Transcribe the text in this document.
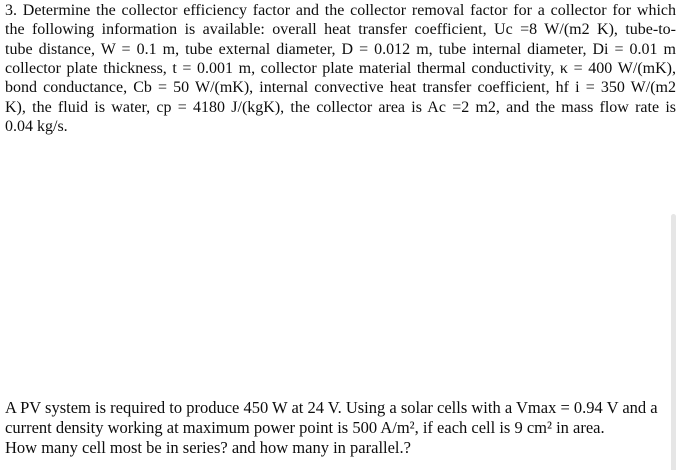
3. Determine the collector efficiency factor and the collector removal factor for a collector for which
the following information is available: overall heat transfer coefficient, Uc =8 W/(m2 K), tube-to-
tube distance, W = 0.1 m, tube external diameter, D = 0.012 m, tube internal diameter, Di = 0.01 m
collector plate thickness, t = 0.001 m, collector plate material thermal conductivity, κ = 400 W/(mK),
bond conductance, Cb = 50 W/(mK), internal convective heat transfer coefficient, hf i = 350 W/(m2
K), the fluid is water, cp = 4180 J/(kgK), the collector area is Ac =2 m2, and the mass flow rate is
0.04 kg/s.
A PV system is required to produce 450 W at 24 V. Using a solar cells with a Vmax = 0.94 V and a
current density working at maximum power point is 500 A/m², if each cell is 9 cm² in area.
How many cell most be in series? and how many in parallel.?
